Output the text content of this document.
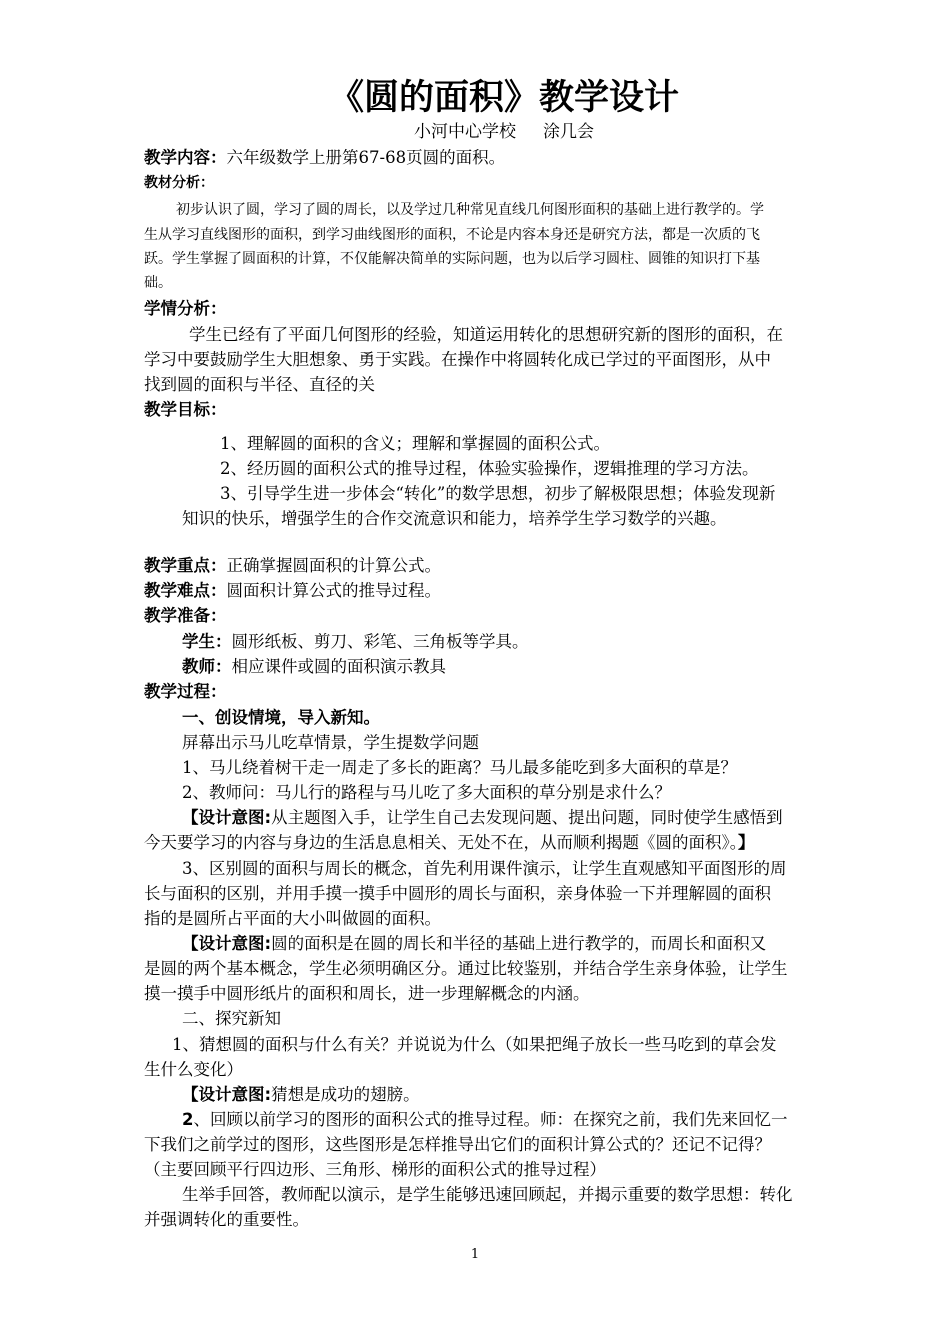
《圆的面积》教学设计
小河中心学校     涂几会
教学内容：六年级数学上册第67-68页圆的面积。
教材分析：
初步认识了圆，学习了圆的周长，以及学过几种常见直线几何图形面积的基础上进行教学的。学
生从学习直线图形的面积，到学习曲线图形的面积，不论是内容本身还是研究方法，都是一次质的飞
跃。学生掌握了圆面积的计算，不仅能解决简单的实际问题，也为以后学习圆柱、圆锥的知识打下基
础。
学情分析：
学生已经有了平面几何图形的经验，知道运用转化的思想研究新的图形的面积，在
学习中要鼓励学生大胆想象、勇于实践。在操作中将圆转化成已学过的平面图形，从中
找到圆的面积与半径、直径的关
教学目标：
1、理解圆的面积的含义；理解和掌握圆的面积公式。
2、经历圆的面积公式的推导过程，体验实验操作，逻辑推理的学习方法。
3、引导学生进一步体会“转化”的数学思想，初步了解极限思想；体验发现新
知识的快乐，增强学生的合作交流意识和能力，培养学生学习数学的兴趣。
教学重点：正确掌握圆面积的计算公式。
教学难点：圆面积计算公式的推导过程。
教学准备：
学生：圆形纸板、剪刀、彩笔、三角板等学具。
教师：相应课件或圆的面积演示教具
教学过程：
一、创设情境，导入新知。
屏幕出示马儿吃草情景，学生提数学问题
1、马儿绕着树干走一周走了多长的距离？马儿最多能吃到多大面积的草是？
2、教师问：马儿行的路程与马儿吃了多大面积的草分别是求什么？
【设计意图:从主题图入手，让学生自己去发现问题、提出问题，同时使学生感悟到
今天要学习的内容与身边的生活息息相关、无处不在，从而顺利揭题《圆的面积》。】
3、区别圆的面积与周长的概念，首先利用课件演示，让学生直观感知平面图形的周
长与面积的区别，并用手摸一摸手中圆形的周长与面积，亲身体验一下并理解圆的面积
指的是圆所占平面的大小叫做圆的面积。
【设计意图:圆的面积是在圆的周长和半径的基础上进行教学的，而周长和面积又
是圆的两个基本概念，学生必须明确区分。通过比较鉴别，并结合学生亲身体验，让学生
摸一摸手中圆形纸片的面积和周长，进一步理解概念的内涵。
二、探究新知
1、猜想圆的面积与什么有关？并说说为什么（如果把绳子放长一些马吃到的草会发
生什么变化）
【设计意图:猜想是成功的翅膀。
2、回顾以前学习的图形的面积公式的推导过程。师：在探究之前，我们先来回忆一
下我们之前学过的图形，这些图形是怎样推导出它们的面积计算公式的？还记不记得？
（主要回顾平行四边形、三角形、梯形的面积公式的推导过程）
生举手回答，教师配以演示，是学生能够迅速回顾起，并揭示重要的数学思想：转化
并强调转化的重要性。
1
